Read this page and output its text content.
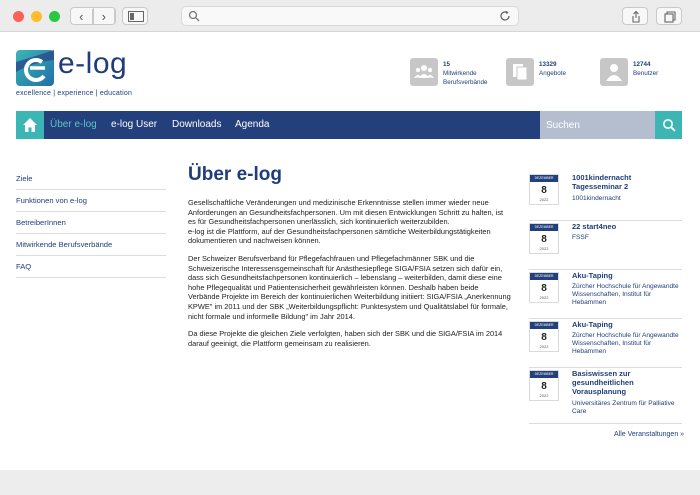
‹	›
e-log
excellence | experience | education
15
Mitwirkende
Berufsverbände
13329
Angebote
12744
Benutzer
Über e-log e-log User Downloads Agenda
Suchen
Ziele
Funktionen von e-log
BetreiberInnen
Mitwirkende Berufsverbände
FAQ
Über e-log

Gesellschaftliche Veränderungen und medizinische Erkenntnisse stellen immer wieder neue Anforderungen an Gesundheitsfachpersonen. Um mit diesen Entwicklungen Schritt zu halten, ist es für Gesundheitsfachpersonen unerlässlich, sich kontinuierlich weiterzubilden.
e-log ist die Plattform, auf der Gesundheitsfachpersonen sämtliche Weiterbildungstätigkeiten dokumentieren und nachweisen können.

Der Schweizer Berufsverband für Pflegefachfrauen und Pflegefachmänner SBK und die Schweizerische Interessensgemeinschaft für Anästhesiepflege SIGA/FSIA setzen sich dafür ein, dass sich Gesundheitsfachpersonen kontinuierlich – lebenslang – weiterbilden, damit diese eine hohe Pflegequalität und Patientensicherheit gewährleisten können. Deshalb haben beide Verbände Projekte im Bereich der kontinuierlichen Weiterbildung initiiert: SIGA/FSIA „Anerkennung KPWE" im 2011 und der SBK „Weiterbildungspflicht: Punktesystem und Qualitätslabel für formale, nicht formale und informelle Bildung" im Jahr 2014.

Da diese Projekte die gleichen Ziele verfolgten, haben sich der SBK und die SIGA/FSIA im 2014 darauf geeinigt, die Plattform gemeinsam zu realisieren.

DEZEMBER
8
2022
1001kindernacht Tagesseminar 2
1001kindernacht
DEZEMBER
8
2022
22 start4neo
FSSF
DEZEMBER
8
2022
Aku-Taping
Zürcher Hochschule für Angewandte Wissenschaften, Institut für Hebammen
DEZEMBER
8
2022
Aku-Taping
Zürcher Hochschule für Angewandte Wissenschaften, Institut für Hebammen
DEZEMBER
8
2022
Basiswissen zur gesundheitlichen Vorausplanung
Universitäres Zentrum für Palliative Care
Alle Veranstaltungen »
